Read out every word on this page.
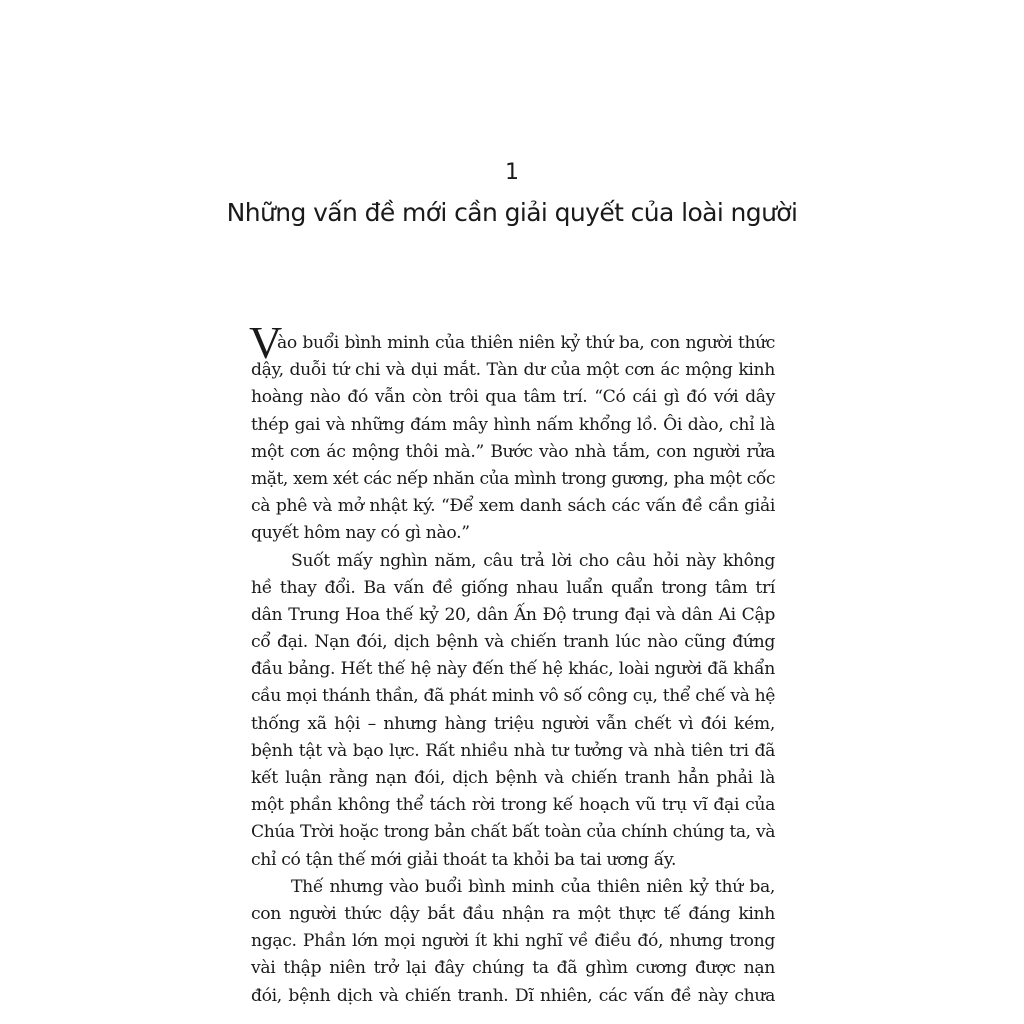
1
Những vấn đề mới cần giải quyết của loài người
V
ào buổi bình minh của thiên niên kỷ thứ ba, con người thức
dậy, duỗi tứ chi và dụi mắt. Tàn dư của một cơn ác mộng kinh
hoàng nào đó vẫn còn trôi qua tâm trí. “Có cái gì đó với dây
thép gai và những đám mây hình nấm khổng lồ. Ôi dào, chỉ là
một cơn ác mộng thôi mà.” Bước vào nhà tắm, con người rửa
mặt, xem xét các nếp nhăn của mình trong gương, pha một cốc
cà phê và mở nhật ký. “Để xem danh sách các vấn đề cần giải
quyết hôm nay có gì nào.”
Suốt mấy nghìn năm, câu trả lời cho câu hỏi này không
hề thay đổi. Ba vấn đề giống nhau luẩn quẩn trong tâm trí
dân Trung Hoa thế kỷ 20, dân Ấn Độ trung đại và dân Ai Cập
cổ đại. Nạn đói, dịch bệnh và chiến tranh lúc nào cũng đứng
đầu bảng. Hết thế hệ này đến thế hệ khác, loài người đã khẩn
cầu mọi thánh thần, đã phát minh vô số công cụ, thể chế và hệ
thống xã hội – nhưng hàng triệu người vẫn chết vì đói kém,
bệnh tật và bạo lực. Rất nhiều nhà tư tưởng và nhà tiên tri đã
kết luận rằng nạn đói, dịch bệnh và chiến tranh hẳn phải là
một phần không thể tách rời trong kế hoạch vũ trụ vĩ đại của
Chúa Trời hoặc trong bản chất bất toàn của chính chúng ta, và
chỉ có tận thế mới giải thoát ta khỏi ba tai ương ấy.
Thế nhưng vào buổi bình minh của thiên niên kỷ thứ ba,
con người thức dậy bắt đầu nhận ra một thực tế đáng kinh
ngạc. Phần lớn mọi người ít khi nghĩ về điều đó, nhưng trong
vài thập niên trở lại đây chúng ta đã ghìm cương được nạn
đói, bệnh dịch và chiến tranh. Dĩ nhiên, các vấn đề này chưa
